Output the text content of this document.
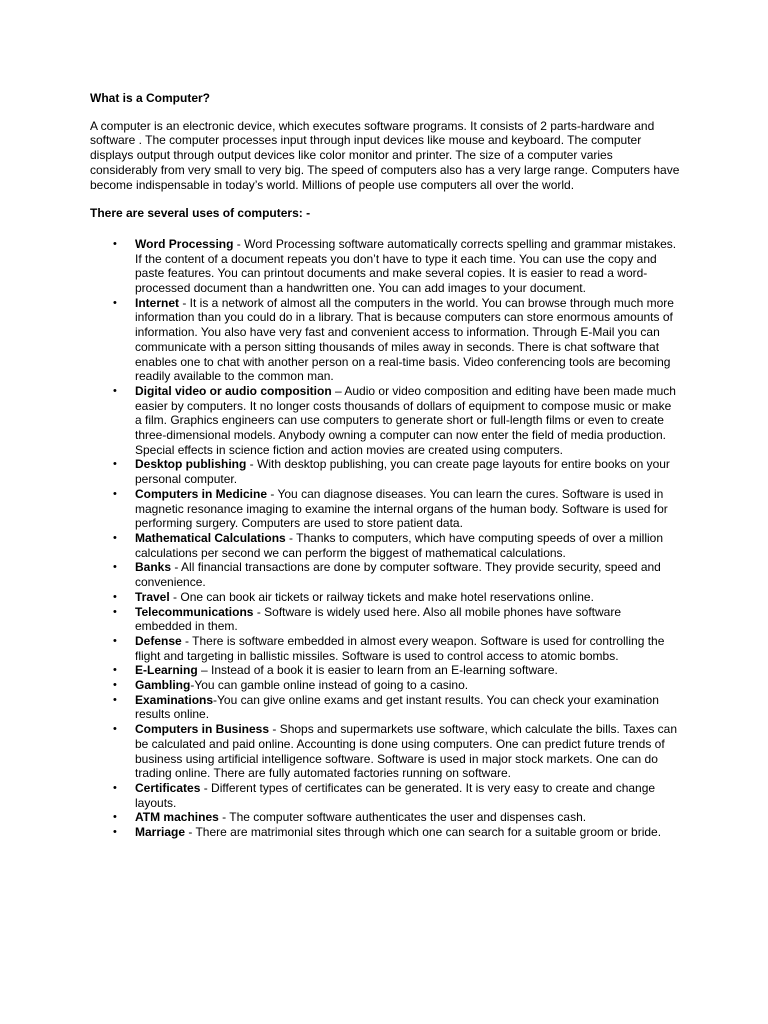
What is a Computer?

A computer is an electronic device, which executes software programs. It consists of 2 parts-hardware and software . The computer processes input through input devices like mouse and keyboard. The computer displays output through output devices like color monitor and printer. The size of a computer varies considerably from very small to very big. The speed of computers also has a very large range. Computers have become indispensable in today’s world. Millions of people use computers all over the world.

There are several uses of computers: -

• Word Processing - Word Processing software automatically corrects spelling and grammar mistakes. If the content of a document repeats you don’t have to type it each time. You can use the copy and paste features. You can printout documents and make several copies. It is easier to read a word-processed document than a handwritten one. You can add images to your document.
• Internet - It is a network of almost all the computers in the world. You can browse through much more information than you could do in a library. That is because computers can store enormous amounts of information. You also have very fast and convenient access to information. Through E-Mail you can communicate with a person sitting thousands of miles away in seconds. There is chat software that enables one to chat with another person on a real-time basis. Video conferencing tools are becoming readily available to the common man.
• Digital video or audio composition – Audio or video composition and editing have been made much easier by computers. It no longer costs thousands of dollars of equipment to compose music or make a film. Graphics engineers can use computers to generate short or full-length films or even to create three-dimensional models. Anybody owning a computer can now enter the field of media production. Special effects in science fiction and action movies are created using computers.
• Desktop publishing - With desktop publishing, you can create page layouts for entire books on your personal computer.
• Computers in Medicine - You can diagnose diseases. You can learn the cures. Software is used in magnetic resonance imaging to examine the internal organs of the human body. Software is used for performing surgery. Computers are used to store patient data.
• Mathematical Calculations - Thanks to computers, which have computing speeds of over a million calculations per second we can perform the biggest of mathematical calculations.
• Banks - All financial transactions are done by computer software. They provide security, speed and convenience.
• Travel - One can book air tickets or railway tickets and make hotel reservations online.
• Telecommunications - Software is widely used here. Also all mobile phones have software embedded in them.
• Defense - There is software embedded in almost every weapon. Software is used for controlling the flight and targeting in ballistic missiles. Software is used to control access to atomic bombs.
• E-Learning – Instead of a book it is easier to learn from an E-learning software.
• Gambling-You can gamble online instead of going to a casino.
• Examinations-You can give online exams and get instant results. You can check your examination results online.
• Computers in Business - Shops and supermarkets use software, which calculate the bills. Taxes can be calculated and paid online. Accounting is done using computers. One can predict future trends of business using artificial intelligence software. Software is used in major stock markets. One can do trading online. There are fully automated factories running on software.
• Certificates - Different types of certificates can be generated. It is very easy to create and change layouts.
• ATM machines - The computer software authenticates the user and dispenses cash.
• Marriage - There are matrimonial sites through which one can search for a suitable groom or bride.
